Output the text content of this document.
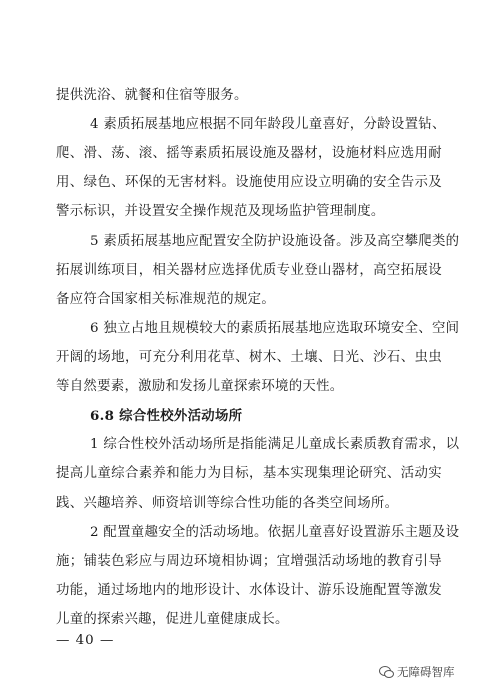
提供洗浴、就餐和住宿等服务。
4 素质拓展基地应根据不同年龄段儿童喜好，分龄设置钻、
爬、滑、荡、滚、摇等素质拓展设施及器材，设施材料应选用耐
用、绿色、环保的无害材料。设施使用应设立明确的安全告示及
警示标识，并设置安全操作规范及现场监护管理制度。
5 素质拓展基地应配置安全防护设施设备。涉及高空攀爬类的
拓展训练项目，相关器材应选择优质专业登山器材，高空拓展设
备应符合国家相关标准规范的规定。
6 独立占地且规模较大的素质拓展基地应选取环境安全、空间
开阔的场地，可充分利用花草、树木、土壤、日光、沙石、虫虫
等自然要素，激励和发扬儿童探索环境的天性。
6.8 综合性校外活动场所
1 综合性校外活动场所是指能满足儿童成长素质教育需求，以
提高儿童综合素养和能力为目标，基本实现集理论研究、活动实
践、兴趣培养、师资培训等综合性功能的各类空间场所。
2 配置童趣安全的活动场地。依据儿童喜好设置游乐主题及设
施；铺装色彩应与周边环境相协调；宜增强活动场地的教育引导
功能，通过场地内的地形设计、水体设计、游乐设施配置等激发
儿童的探索兴趣，促进儿童健康成长。
— 40 —
无障碍智库
